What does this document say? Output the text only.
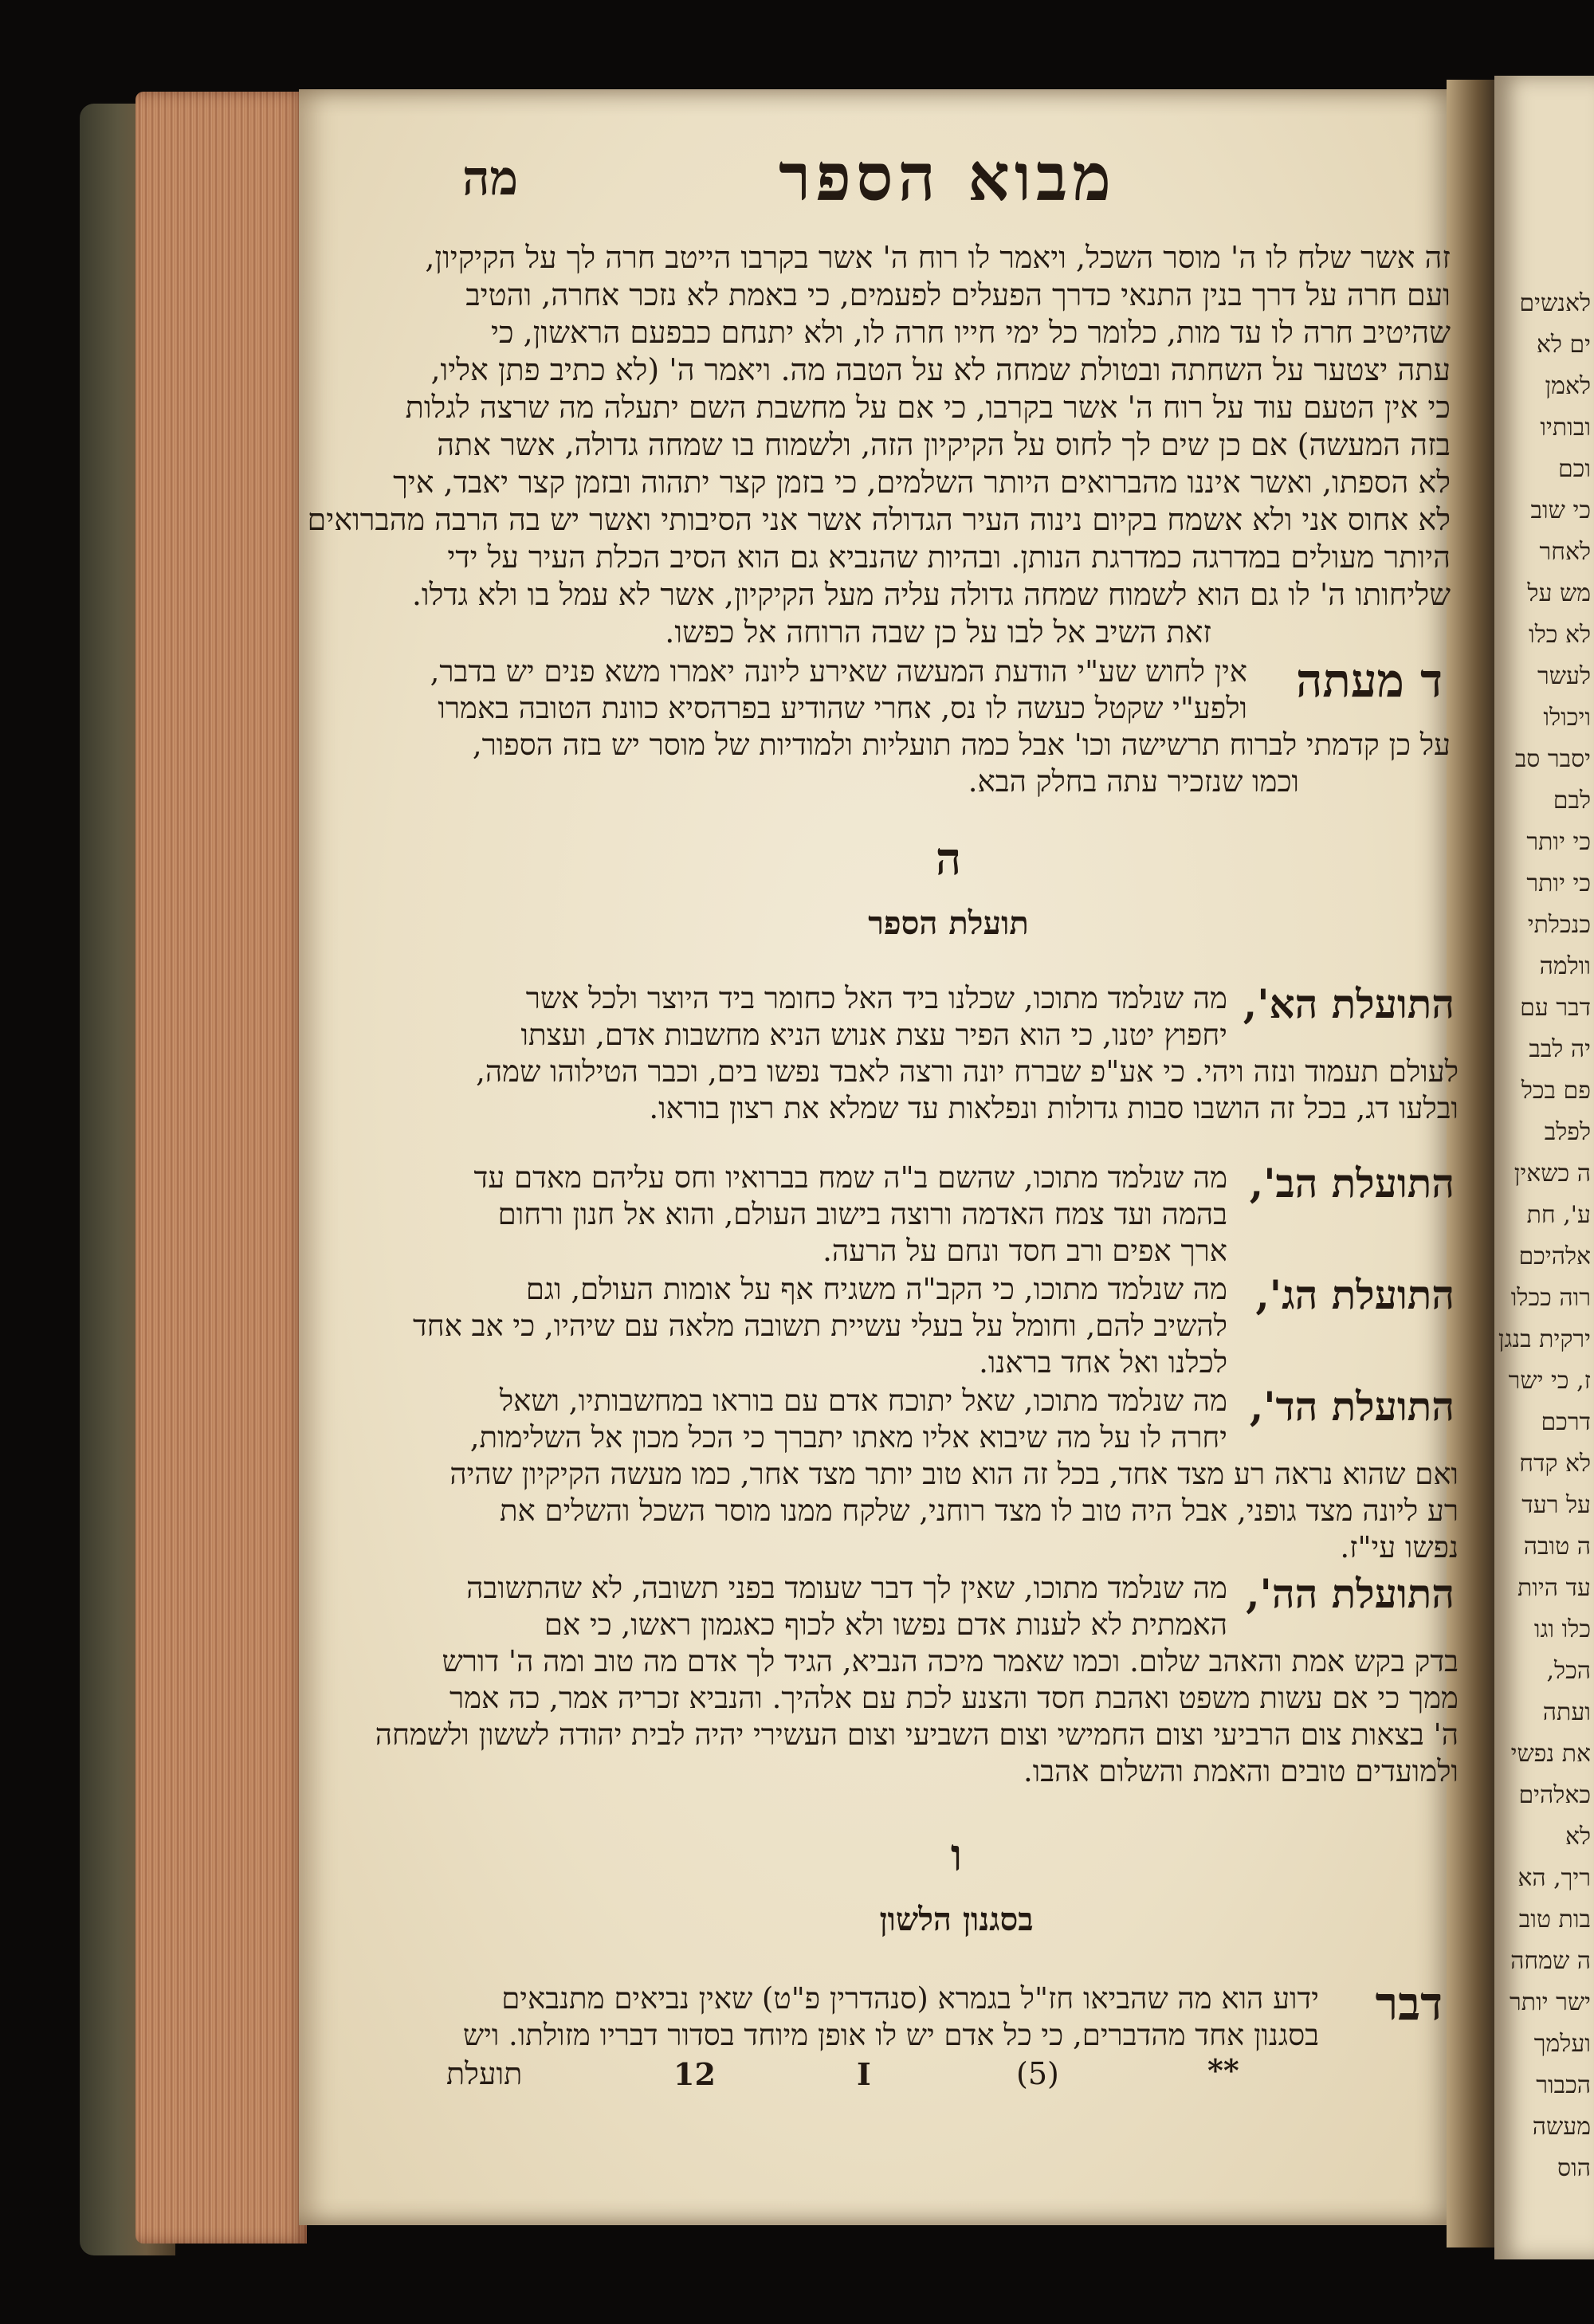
לאנשים
ים לא
לאמן
ובותיו
וכם
כי שוב
לאחר
מש על
לא כלו
לעשר
ויכולו
יסבר סב
לבם
כי יותר
כי יותר
כנכלתי
וולמה
דבר עם
יה לבב
פם בכל
לפלב
ה כשאין
ע', חת
אלהיכם
רוה ככלו
ירקית בנגן
ז, כי ישר
דרכם
לא קדח
על רעד
ה טובה
עד היות
כלו וגו
הכל,
ועתה
את נפשי
כאלהים
לא
ריך, הא
בות טוב
ה שמחה
ישר יותר
ועלמך
הכבור
מעשה
הוס
מבוא הספר
מה
זה אשר שלח לו ה' מוסר השכל, ויאמר לו רוח ה' אשר בקרבו הייטב חרה לך על הקיקיון,
ועם חרה על דרך בנין התנאי כדרך הפעלים לפעמים, כי באמת לא נזכר אחרה, והטיב
שהיטיב חרה לו עד מות, כלומר כל ימי חייו חרה לו, ולא יתנחם כבפעם הראשון, כי
עתה יצטער על השחתה ובטולת שמחה לא על הטבה מה. ויאמר ה' (לא כתיב פתן אליו,
כי אין הטעם עוד על רוח ה' אשר בקרבו, כי אם על מחשבת השם יתעלה מה שרצה לגלות
בזה המעשה) אם כן שים לך לחוס על הקיקיון הזה, ולשמוח בו שמחה גדולה, אשר אתה
לא הספתו, ואשר איננו מהברואים היותר השלמים, כי בזמן קצר יתהוה ובזמן קצר יאבד, איך
לא אחוס אני ולא אשמח בקיום נינוה העיר הגדולה אשר אני הסיבותי ואשר יש בה הרבה מהברואים
היותר מעולים במדרגה כמדרגת הנותן. ובהיות שהנביא גם הוא הסיב הכלת העיר על ידי
שליחותו ה' לו גם הוא לשמוח שמחה גדולה עליה מעל הקיקיון, אשר לא עמל בו ולא גדלו.
זאת השיב אל לבו על כן שבה הרוחה אל כפשו.
ד מעתה
אין לחוש שע"י הודעת המעשה שאירע ליונה יאמרו משא פנים יש בדבר,
ולפע"י שקטל כעשה לו נס, אחרי שהודיע בפרהסיא כוונת הטובה באמרו
על כן קדמתי לברוח תרשישה וכו' אבל כמה תועליות ולמודיות של מוסר יש בזה הספור,
וכמו שנזכיר עתה בחלק הבא.
ה
תועלת הספר
התועלת הא',
מה שנלמד מתוכו, שכלנו ביד האל כחומר ביד היוצר ולכל אשר
יחפוץ יטנו, כי הוא הפיר עצת אנוש הניא מחשבות אדם, ועצתו
לעולם תעמוד ונזה ויהי. כי אע"פ שברח יונה ורצה לאבד נפשו בים, וכבר הטילוהו שמה,
ובלעו דג, בכל זה הושבו סבות גדולות ונפלאות עד שמלא את רצון בוראו.
התועלת הב',
מה שנלמד מתוכו, שהשם ב"ה שמח בברואיו וחס עליהם מאדם עד
בהמה ועד צמח האדמה ורוצה בישוב העולם, והוא אל חנון ורחום
ארך אפים ורב חסד ונחם על הרעה.
התועלת הג',
מה שנלמד מתוכו, כי הקב"ה משגיח אף על אומות העולם, וגם
להשיב להם, וחומל על בעלי עשיית תשובה מלאה עם שיהיו, כי אב אחד
לכלנו ואל אחד בראנו.
התועלת הד',
מה שנלמד מתוכו, שאל יתוכח אדם עם בוראו במחשבותיו, ושאל
יחרה לו על מה שיבוא אליו מאתו יתברך כי הכל מכון אל השלימות,
ואם שהוא נראה רע מצד אחד, בכל זה הוא טוב יותר מצד אחר, כמו מעשה הקיקיון שהיה
רע ליונה מצד גופני, אבל היה טוב לו מצד רוחני, שלקח ממנו מוסר השכל והשלים את
נפשו עי"ז.
התועלת הה',
מה שנלמד מתוכו, שאין לך דבר שעומד בפני תשובה, לא שהתשובה
האמתית לא לענות אדם נפשו ולא לכוף כאגמון ראשו, כי אם
בדק בקש אמת והאהב שלום. וכמו שאמר מיכה הנביא, הגיד לך אדם מה טוב ומה ה' דורש
ממך כי אם עשות משפט ואהבת חסד והצנע לכת עם אלהיך. והנביא זכריה אמר, כה אמר
ה' בצאות צום הרביעי וצום החמישי וצום השביעי וצום העשירי יהיה לבית יהודה לששון ולשמחה
ולמועדים טובים והאמת והשלום אהבו.
ו
בסגנון הלשון
דבר
ידוע הוא מה שהביאו חז"ל בגמרא (סנהדרין פ"ט) שאין נביאים מתנבאים
בסגנון אחד מהדברים, כי כל אדם יש לו אופן מיוחד בסדור דבריו מזולתו. ויש
תועלת	12	I	(5)	**
